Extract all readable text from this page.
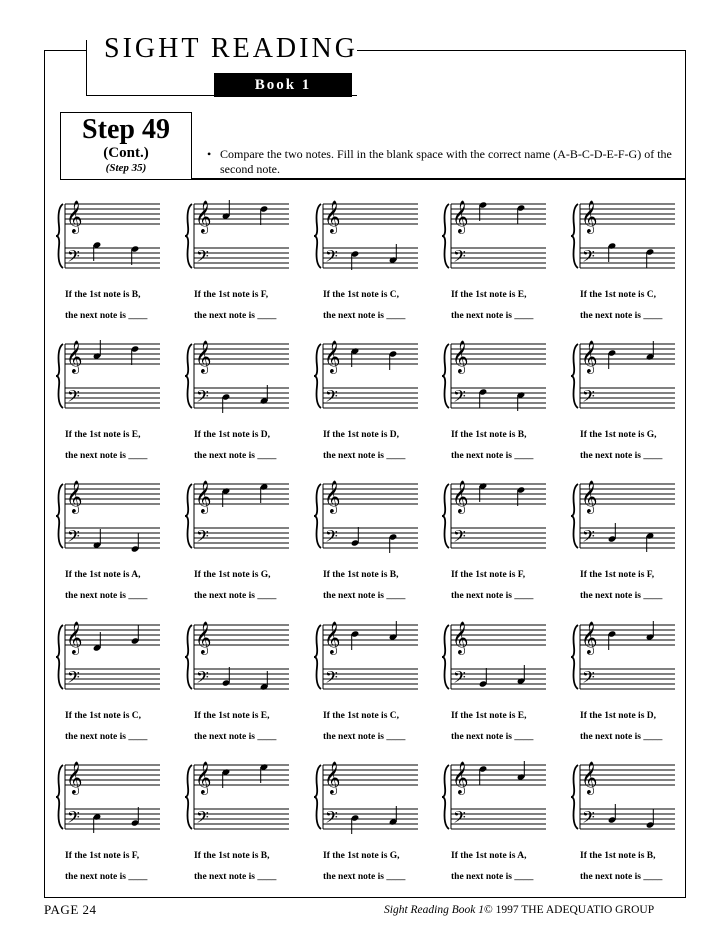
SIGHT READING
Book 1
Step 49
(Cont.)
(Step 35)
• Compare the two notes. Fill in the blank space with the correct name (A-B-C-D-E-F-G) of the second note.
𝄞
𝄢
If the 1st note is B,
the next note is ____
𝄞
𝄢
If the 1st note is F,
the next note is ____
𝄞
𝄢
If the 1st note is C,
the next note is ____
𝄞
𝄢
If the 1st note is E,
the next note is ____
𝄞
𝄢
If the 1st note is C,
the next note is ____
𝄞
𝄢
If the 1st note is E,
the next note is ____
𝄞
𝄢
If the 1st note is D,
the next note is ____
𝄞
𝄢
If the 1st note is D,
the next note is ____
𝄞
𝄢
If the 1st note is B,
the next note is ____
𝄞
𝄢
If the 1st note is G,
the next note is ____
𝄞
𝄢
If the 1st note is A,
the next note is ____
𝄞
𝄢
If the 1st note is G,
the next note is ____
𝄞
𝄢
If the 1st note is B,
the next note is ____
𝄞
𝄢
If the 1st note is F,
the next note is ____
𝄞
𝄢
If the 1st note is F,
the next note is ____
𝄞
𝄢
If the 1st note is C,
the next note is ____
𝄞
𝄢
If the 1st note is E,
the next note is ____
𝄞
𝄢
If the 1st note is C,
the next note is ____
𝄞
𝄢
If the 1st note is E,
the next note is ____
𝄞
𝄢
If the 1st note is D,
the next note is ____
𝄞
𝄢
If the 1st note is F,
the next note is ____
𝄞
𝄢
If the 1st note is B,
the next note is ____
𝄞
𝄢
If the 1st note is G,
the next note is ____
𝄞
𝄢
If the 1st note is A,
the next note is ____
𝄞
𝄢
If the 1st note is B,
the next note is ____
PAGE 24	Sight Reading Book 1© 1997 THE ADEQUATIO GROUP
